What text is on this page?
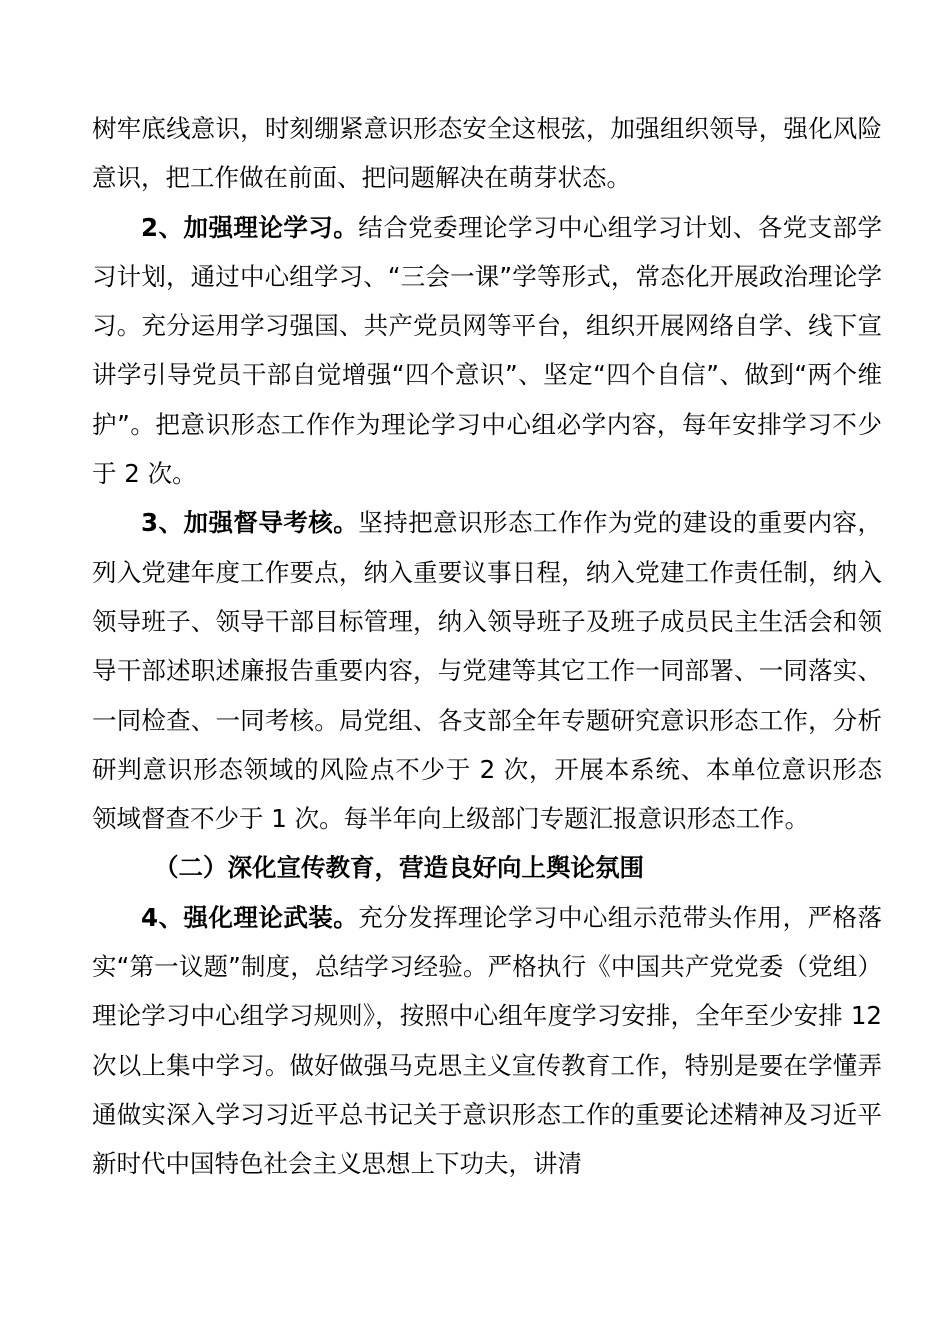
树牢底线意识，时刻绷紧意识形态安全这根弦，加强组织领导，强化风险意识，把工作做在前面、把问题解决在萌芽状态。

2、加强理论学习。结合党委理论学习中心组学习计划、各党支部学习计划，通过中心组学习、“三会一课”学等形式，常态化开展政治理论学习。充分运用学习强国、共产党员网等平台，组织开展网络自学、线下宣讲学引导党员干部自觉增强“四个意识”、坚定“四个自信”、做到“两个维护”。把意识形态工作作为理论学习中心组必学内容，每年安排学习不少于 2 次。

3、加强督导考核。坚持把意识形态工作作为党的建设的重要内容，列入党建年度工作要点，纳入重要议事日程，纳入党建工作责任制，纳入领导班子、领导干部目标管理，纳入领导班子及班子成员民主生活会和领导干部述职述廉报告重要内容，与党建等其它工作一同部署、一同落实、一同检查、一同考核。局党组、各支部全年专题研究意识形态工作，分析研判意识形态领域的风险点不少于 2 次，开展本系统、本单位意识形态领域督查不少于 1 次。每半年向上级部门专题汇报意识形态工作。

（二）深化宣传教育，营造良好向上舆论氛围

4、强化理论武装。充分发挥理论学习中心组示范带头作用，严格落实“第一议题”制度，总结学习经验。严格执行《中国共产党党委（党组）理论学习中心组学习规则》，按照中心组年度学习安排，全年至少安排 12 次以上集中学习。做好做强马克思主义宣传教育工作，特别是要在学懂弄通做实深入学习习近平总书记关于意识形态工作的重要论述精神及习近平新时代中国特色社会主义思想上下功夫，讲清
